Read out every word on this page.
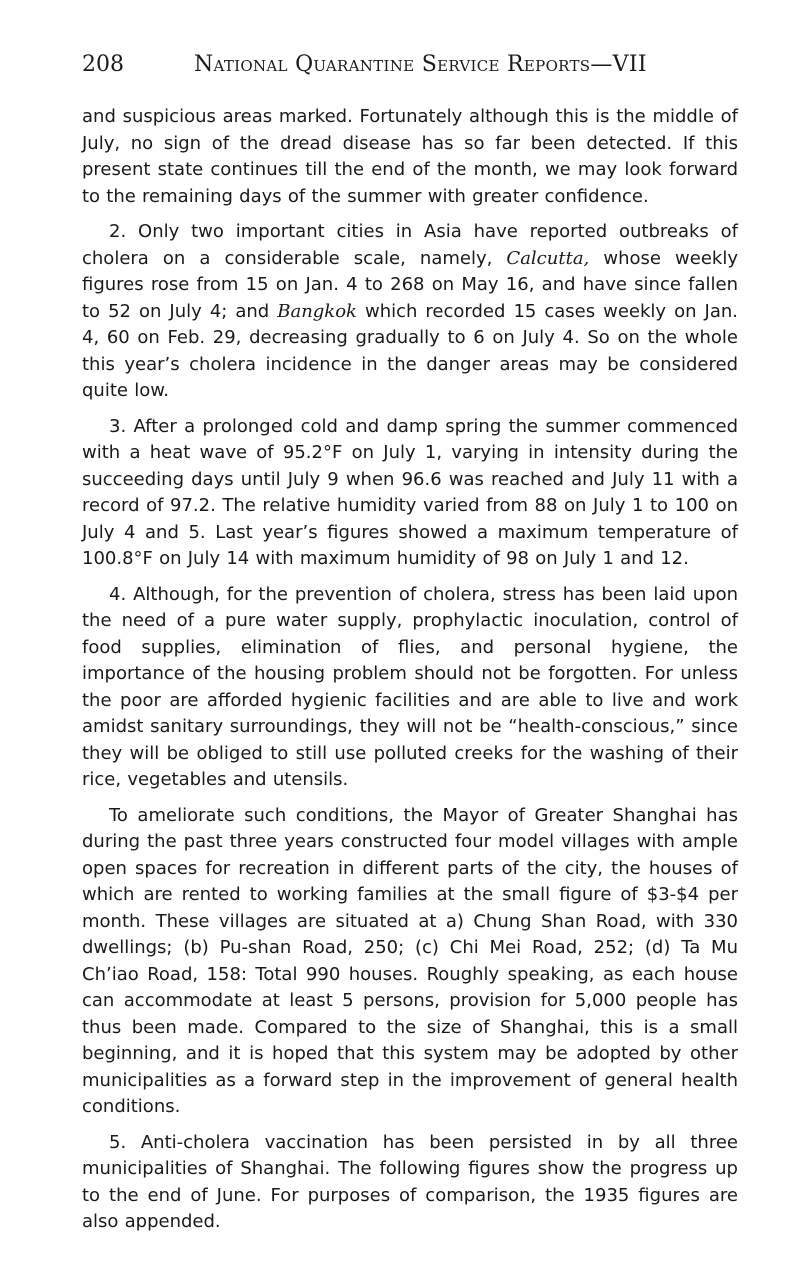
208	National Quarantine Service Reports—VII

and suspicious areas marked. Fortunately although this is the middle of July, no sign of the dread disease has so far been detected. If this present state continues till the end of the month, we may look forward to the remaining days of the summer with greater confidence.

2. Only two important cities in Asia have reported outbreaks of cholera on a considerable scale, namely, Calcutta, whose weekly figures rose from 15 on Jan. 4 to 268 on May 16, and have since fallen to 52 on July 4; and Bangkok which recorded 15 cases weekly on Jan. 4, 60 on Feb. 29, decreasing gradually to 6 on July 4. So on the whole this year’s cholera incidence in the danger areas may be considered quite low.

3. After a prolonged cold and damp spring the summer commenced with a heat wave of 95.2°F on July 1, varying in intensity during the succeeding days until July 9 when 96.6 was reached and July 11 with a record of 97.2. The relative humidity varied from 88 on July 1 to 100 on July 4 and 5. Last year’s figures showed a maximum temperature of 100.8°F on July 14 with maximum humidity of 98 on July 1 and 12.

4. Although, for the prevention of cholera, stress has been laid upon the need of a pure water supply, prophylactic inoculation, control of food supplies, elimination of flies, and personal hygiene, the importance of the housing problem should not be forgotten. For unless the poor are afforded hygienic facilities and are able to live and work amidst sanitary surroundings, they will not be “health-conscious,” since they will be obliged to still use polluted creeks for the washing of their rice, vegetables and utensils.

To ameliorate such conditions, the Mayor of Greater Shanghai has during the past three years constructed four model villages with ample open spaces for recreation in different parts of the city, the houses of which are rented to working families at the small figure of $3-$4 per month. These villages are situated at a) Chung Shan Road, with 330 dwellings; (b) Pu-shan Road, 250; (c) Chi Mei Road, 252; (d) Ta Mu Ch’iao Road, 158: Total 990 houses. Roughly speaking, as each house can accommodate at least 5 persons, provision for 5,000 people has thus been made. Compared to the size of Shanghai, this is a small beginning, and it is hoped that this system may be adopted by other municipalities as a forward step in the improvement of general health conditions.

5. Anti-cholera vaccination has been persisted in by all three municipalities of Shanghai. The following figures show the progress up to the end of June. For purposes of comparison, the 1935 figures are also appended.
